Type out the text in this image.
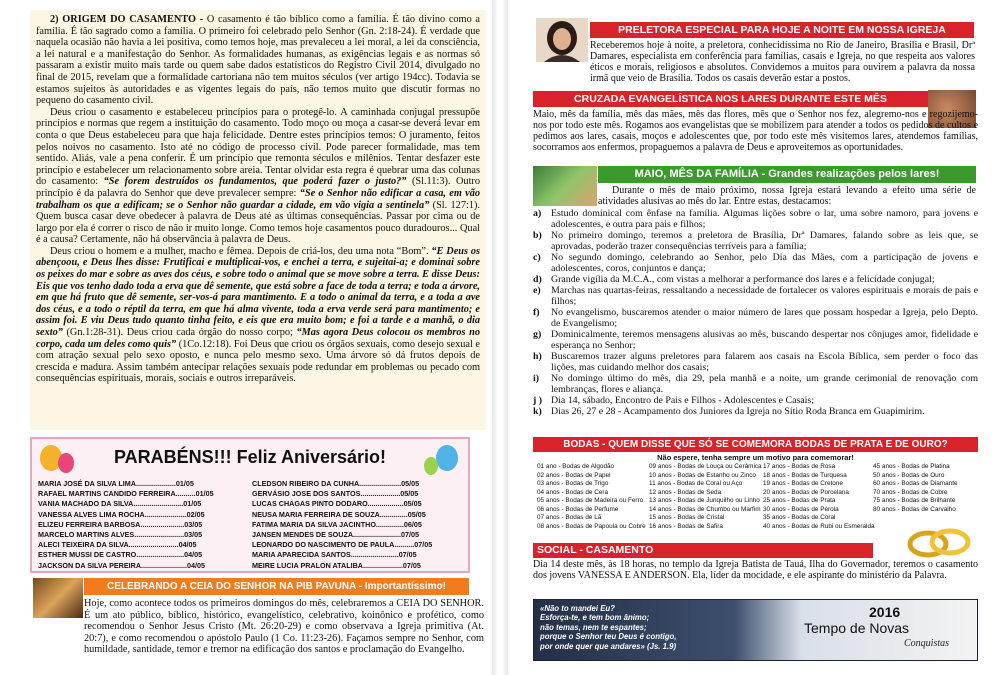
2) ORIGEM DO CASAMENTO - O casamento é tão bíblico como a família. É tão divino como a família. É tão sagrado como a família. O primeiro foi celebrado pelo Senhor (Gn. 2:18-24). É verdade que naquela ocasião não havia a lei positiva, como temos hoje, mas prevaleceu a lei moral, a lei da consciência, a lei natural e a manifestação do Senhor. As formalidades humanas, as exigências legais e as normas só passaram a existir muito mais tarde ou quem sabe dados estatísticos do Registro Civil 2014, divulgado no final de 2015, revelam que a formalidade cartoriana não tem muitos séculos (ver artigo 194cc). Todavia se estamos sujeitos às autoridades e as vigentes legais do país, não temos muito que discutir formas no pequeno do casamento civil.

Deus criou o casamento e estabeleceu princípios para o protegê-lo. A caminhada conjugal pressupõe princípios e normas que regem a instituição do casamento. Todo moço ou moça a casar-se deverá levar em conta o que Deus estabeleceu para que haja felicidade. Dentre estes princípios temos: O juramento, feitos pelos noivos no casamento. Isto até no código de processo civil. Pode parecer formalidade, mas tem sentido. Aliás, vale a pena conferir. É um princípio que remonta séculos e milênios. Tentar desfazer este princípio e estabelecer um relacionamento sobre areia. Tentar olvidar esta regra é quebrar uma das colunas do casamento: “Se forem destruídos os fundamentos, que poderá fazer o justo?” (Sl.11:3). Outro princípio é da palavra do Senhor que deve prevalecer sempre: “Se o Senhor não edificar a casa, em vão trabalham os que a edificam; se o Senhor não guardar a cidade, em vão vigia a sentinela” (Sl. 127:1). Quem busca casar deve obedecer à palavra de Deus até as últimas consequências. Passar por cima ou de largo por ela é correr o risco de não ir muito longe. Como temos hoje casamentos pouco duradouros... Qual é a causa? Certamente, não há observância à palavra de Deus.

Deus criou o homem e a mulher, macho e fêmea. Depois de criá-los, deu uma nota “Bom”. “E Deus os abençoou, e Deus lhes disse: Frutificai e multiplicai-vos, e enchei a terra, e sujeitai-a; e dominai sobre os peixes do mar e sobre as aves dos céus, e sobre todo o animal que se move sobre a terra. E disse Deus: Eis que vos tenho dado toda a erva que dê semente, que está sobre a face de toda a terra; e toda a árvore, em que há fruto que dê semente, ser-vos-á para mantimento. E a todo o animal da terra, e a toda a ave dos céus, e a todo o réptil da terra, em que há alma vivente, toda a erva verde será para mantimento; e assim foi. E viu Deus tudo quanto tinha feito, e eis que era muito bom; e foi a tarde e a manhã, o dia sexto” (Gn.1:28-31). Deus criou cada órgão do nosso corpo; “Mas agora Deus colocou os membros no corpo, cada um deles como quis” (1Co.12:18). Foi Deus que criou os órgãos sexuais, como desejo sexual e com atração sexual pelo sexo oposto, e nunca pelo mesmo sexo. Uma árvore só dá frutos depois de crescida e madura. Assim também antecipar relações sexuais pode redundar em problemas ou pecado com consequências espirituais, morais, sociais e outros irreparáveis.

PARABÉNS!!! Feliz Aniversário!
MARIA JOSÉ DA SILVA LIMA....................01/05
RAFAEL MARTINS CANDIDO FERREIRA..........01/05
VANIA MACHADO DA SILVA.........................01/05
VANESSA ALVES LIMA ROCHA.....................02/05
ELIZEU FERREIRA BARBOSA......................03/05
MARCELO MARTINS ALVES.........................03/05
ALECI TEIXEIRA DA SILVA.........................04/05
ESTHER MUSSI DE CASTRO........................04/05
JACKSON DA SILVA PEREIRA.......................04/05
CLEDSON RIBEIRO DA CUNHA.....................05/05
GERVÁSIO JOSE DOS SANTOS....................05/05
LUCAS CHAGAS PINTO DODARO..................05/05
NEUSA MARIA FERREIRA DE SOUZA..............05/05
FATIMA MARIA DA SILVA JACINTHO..............06/05
JANSEN MENDES DE SOUZA........................07/05
LEONARDO DO NASCIMENTO DE PAULA..........07/05
MARIA APARECIDA SANTOS........................07/05
MEIRE LUCIA PRALON ATALIBA....................07/05
CELEBRANDO A CEIA DO SENHOR NA PIB PAVUNA - Importantíssimo!
Hoje, como acontece todos os primeiros domingos do mês, celebraremos a CEIA DO SENHOR. É um ato público, bíblico, histórico, evangelístico, celebrativo, koinônico e profético, como recomendou o Senhor Jesus Cristo (Mt. 26:20-29) e como observava a Igreja primitiva (At. 20:7), e como recomendou o apóstolo Paulo (1 Co. 11:23-26). Façamos sempre no Senhor, com humildade, santidade, temor e tremor na edificação dos santos e proclamação do Evangelho.
PRELETORA ESPECIAL PARA HOJE A NOITE EM NOSSA IGREJA
Receberemos hoje à noite, a preletora, conhecidíssima no Rio de Janeiro, Brasília e Brasil, Drª Damares, especialista em conferência para famílias, casais e Igreja, no que respeita aos valores éticos e morais, religiosos e absolutos. Convidemos a muitos para ouvirem a palavra da nossa irmã que veio de Brasília. Todos os casais deverão estar a postos.
CRUZADA EVANGELÍSTICA NOS LARES DURANTE ESTE MÊS
Maio, mês da família, mês das mães, mês das flores, mês que o Senhor nos fez, alegremo-nos e regozijemo-nos por todo este mês. Rogamos aos evangelistas que se mobilizem para atender a todos os pedidos de cultos e pedimos aos lares, casais, moços e adolescentes que, por todo este mês visitemos lares, atendemos famílias, socorramos aos enfermos, propaguemos a palavra de Deus e aproveitemos as oportunidades.
MAIO, MÊS DA FAMÍLIA - Grandes realizações pelos lares!
Durante o mês de maio próximo, nossa Igreja estará levando a efeito uma série de atividades alusivas ao mês do lar. Entre estas, destacamos:
a) Estudo dominical com ênfase na família. Algumas lições sobre o lar, uma sobre namoro, para jovens e adolescentes, e outra para pais e filhos;
b) No primeiro domingo, teremos a preletora de Brasília, Drª Damares, falando sobre as leis que, se aprovadas, poderão trazer consequências terríveis para a família;
c)	No segundo domingo, celebrando ao Senhor, pelo Dia das Mães, com a participação de jovens e adolescentes, coros, conjuntos e dança;
d) Grande vigília da M.C.A., com vistas a melhorar a performance dos lares e a felicidade conjugal;
e)	Marchas nas quartas-feiras, ressaltando a necessidade de fortalecer os valores espirituais e morais de pais e filhos;
f)	No evangelismo, buscaremos atender o maior número de lares que possam hospedar a Igreja, pelo Depto. de Evangelismo;
g) Dominicalmente, teremos mensagens alusivas ao mês, buscando despertar nos cônjuges amor, fidelidade e esperança no Senhor;
h) Buscaremos trazer alguns preletores para falarem aos casais na Escola Bíblica, sem perder o foco das lições, mas cuidando melhor dos casais;
i)	No domingo último do mês, dia 29, pela manhã e a noite, um grande cerimonial de renovação com lembranças, flores e aliança.
j ) Dia 14, sábado, Encontro de Pais e Filhos - Adolescentes e Casais;
k) Dias 26, 27 e 28 - Acampamento dos Juniores da Igreja no Sítio Roda Branca em Guapimirim.
BODAS - QUEM DISSE QUE SÓ SE COMEMORA BODAS DE PRATA E DE OURO?
Não espere, tenha sempre um motivo para comemorar!
01 ano - Bodas de Algodão
02 anos - Bodas de Papel
03 anos - Bodas de Trigo
04 anos - Bodas de Cera
05 anos - Bodas de Madeira ou Ferro
06 anos - Bodas de Perfume
07 anos - Bodas de Lã
08 anos - Bodas de Papoula ou Cobre
09 anos - Bodas de Louça ou Cerâmica
10 anos - Bodas de Estanho ou Zinco
11 anos - Bodas de Coral ou Aço
12 anos - Bodas de Seda
13 anos - Bodas de Junquilho ou Linho
14 anos - Bodas de Chumbo ou Marfim
15 anos - Bodas de Cristal
16 anos - Bodas de Safira
17 anos - Bodas de Rosa
18 anos - Bodas de Turquesa
19 anos - Bodas de Cretone
20 anos - Bodas de Porcelana
25 anos - Bodas de Prata
30 anos - Bodas de Pérola
35 anos - Bodas de Coral
40 anos - Bodas de Rubi ou Esmeralda
45 anos - Bodas de Platina
50 anos - Bodas de Ouro
60 anos - Bodas de Diamante
70 anos - Bodas de Cobre
75 anos - Bodas de Brilhante
80 anos - Bodas de Carvalho
SOCIAL - CASAMENTO
Dia 14 deste mês, às 18 horas, no templo da Igreja Batista de Tauá, Ilha do Governador, teremos o casamento dos jovens VANESSA E ANDERSON. Ela, líder da mocidade, e ele aspirante do ministério da Palavra.
«Não to mandei Eu?
Esforça-te, e tem bom ânimo;
não temas, nem te espantes;
porque o Senhor teu Deus é contigo,
por onde quer que andares» (Js. 1.9)
2016
Tempo de Novas
Conquistas
